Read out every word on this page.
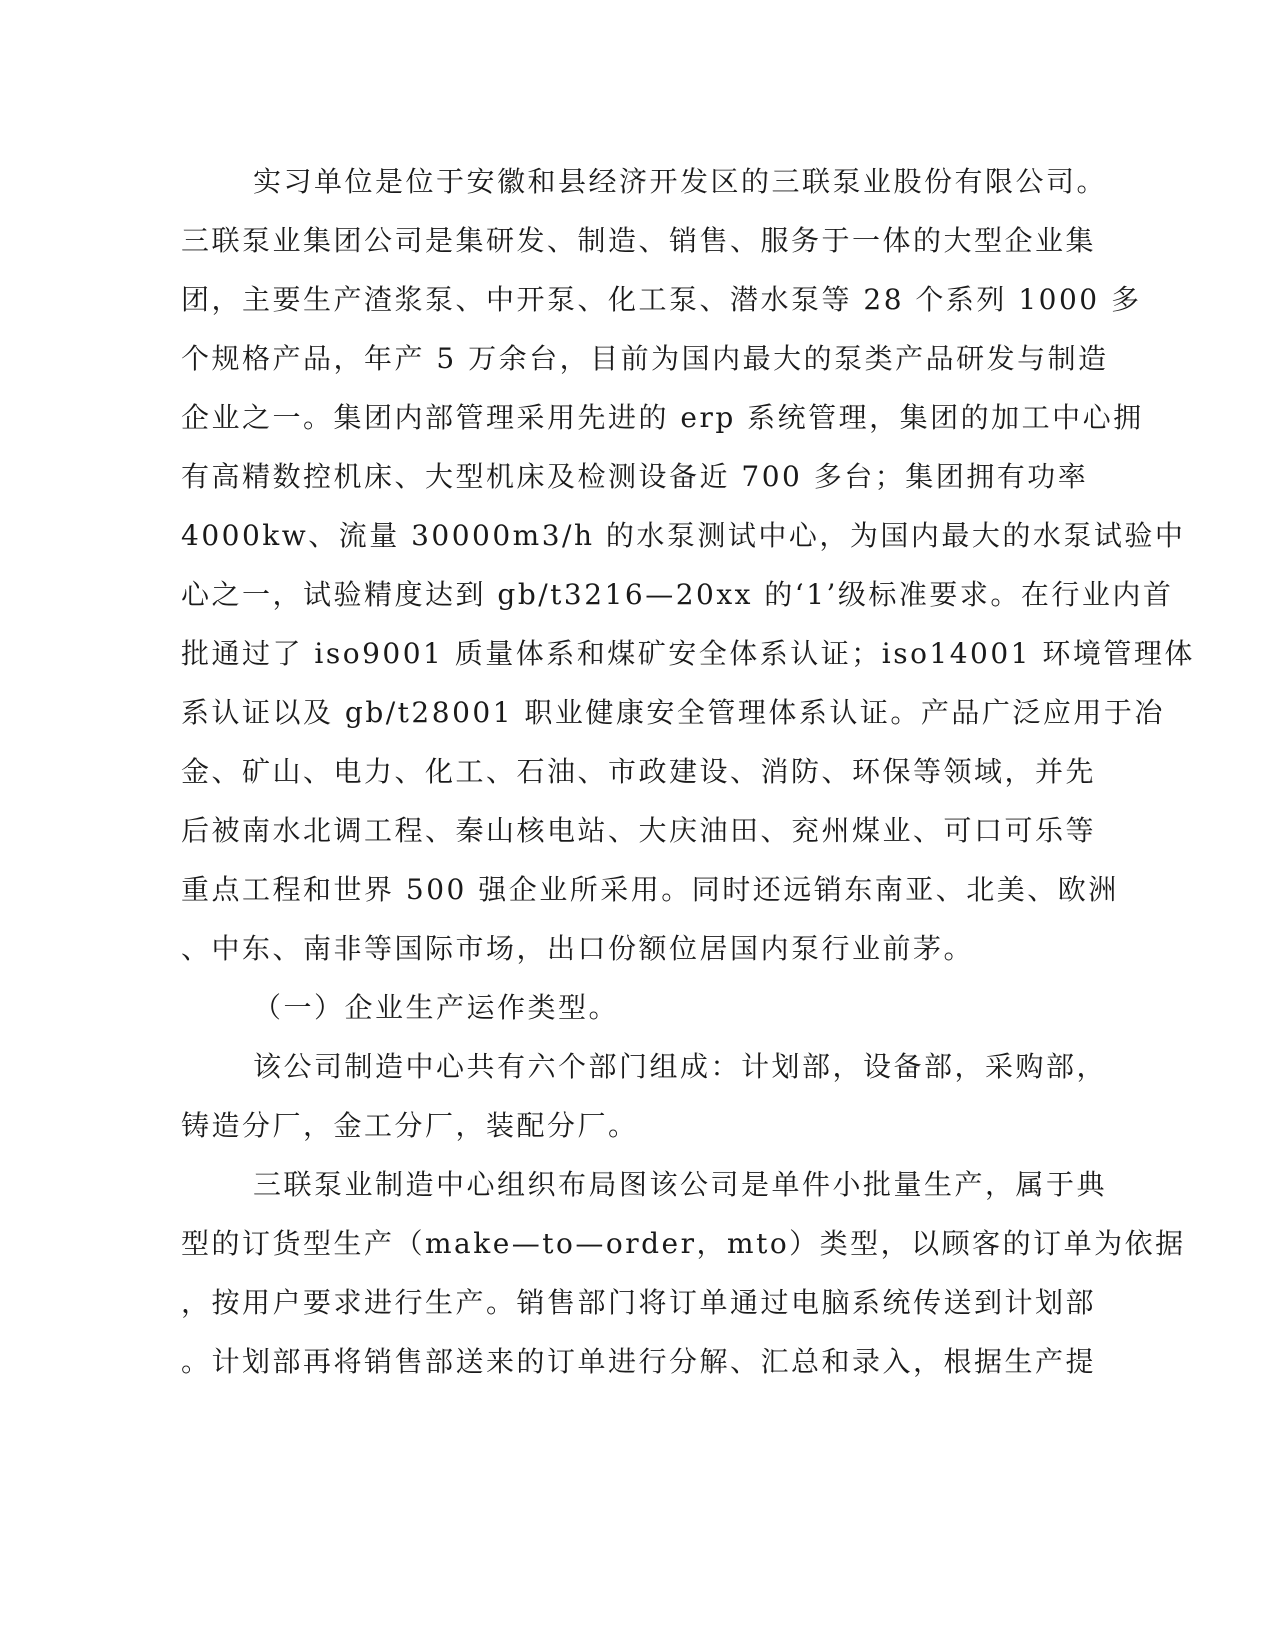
实习单位是位于安徽和县经济开发区的三联泵业股份有限公司。
三联泵业集团公司是集研发、制造、销售、服务于一体的大型企业集
团，主要生产渣浆泵、中开泵、化工泵、潜水泵等 28 个系列 1000 多
个规格产品，年产 5 万余台，目前为国内最大的泵类产品研发与制造
企业之一。集团内部管理采用先进的 erp 系统管理，集团的加工中心拥
有高精数控机床、大型机床及检测设备近 700 多台；集团拥有功率
4000kw、流量 30000m3/h 的水泵测试中心，为国内最大的水泵试验中
心之一，试验精度达到 gb/t3216—20xx 的‘1’级标准要求。在行业内首
批通过了 iso9001 质量体系和煤矿安全体系认证；iso14001 环境管理体
系认证以及 gb/t28001 职业健康安全管理体系认证。产品广泛应用于冶
金、矿山、电力、化工、石油、市政建设、消防、环保等领域，并先
后被南水北调工程、秦山核电站、大庆油田、兖州煤业、可口可乐等
重点工程和世界 500 强企业所采用。同时还远销东南亚、北美、欧洲
、中东、南非等国际市场，出口份额位居国内泵行业前茅。
（一）企业生产运作类型。
该公司制造中心共有六个部门组成：计划部，设备部，采购部，
铸造分厂，金工分厂，装配分厂。
三联泵业制造中心组织布局图该公司是单件小批量生产，属于典
型的订货型生产（make—to—order，mto）类型，以顾客的订单为依据
，按用户要求进行生产。销售部门将订单通过电脑系统传送到计划部
。计划部再将销售部送来的订单进行分解、汇总和录入，根据生产提
